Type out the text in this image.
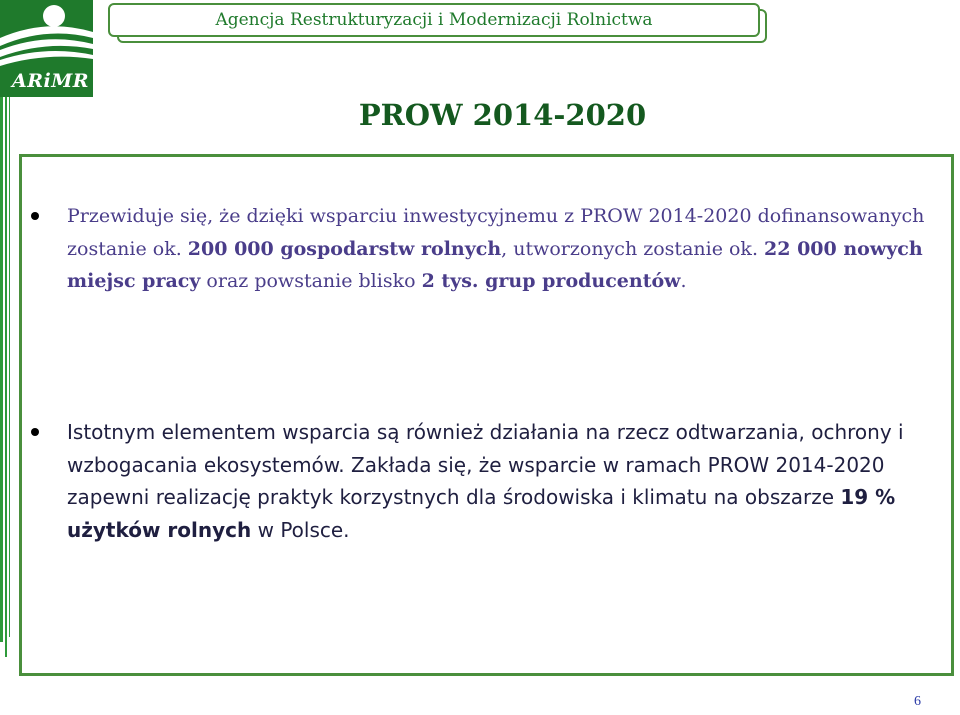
ARiMR
Agencja Restrukturyzacji i Modernizacji Rolnictwa
PROW 2014-2020
Przewiduje się, że dzięki wsparciu inwestycyjnemu z PROW 2014-2020 dofinansowanych zostanie ok. 200 000 gospodarstw rolnych, utworzonych zostanie ok. 22 000 nowych miejsc pracy oraz powstanie blisko 2 tys. grup producentów.
Istotnym elementem wsparcia są również działania na rzecz odtwarzania, ochrony i wzbogacania ekosystemów. Zakłada się, że wsparcie w ramach PROW 2014-2020 zapewni realizację praktyk korzystnych dla środowiska i klimatu na obszarze 19 % użytków rolnych w Polsce.
6
